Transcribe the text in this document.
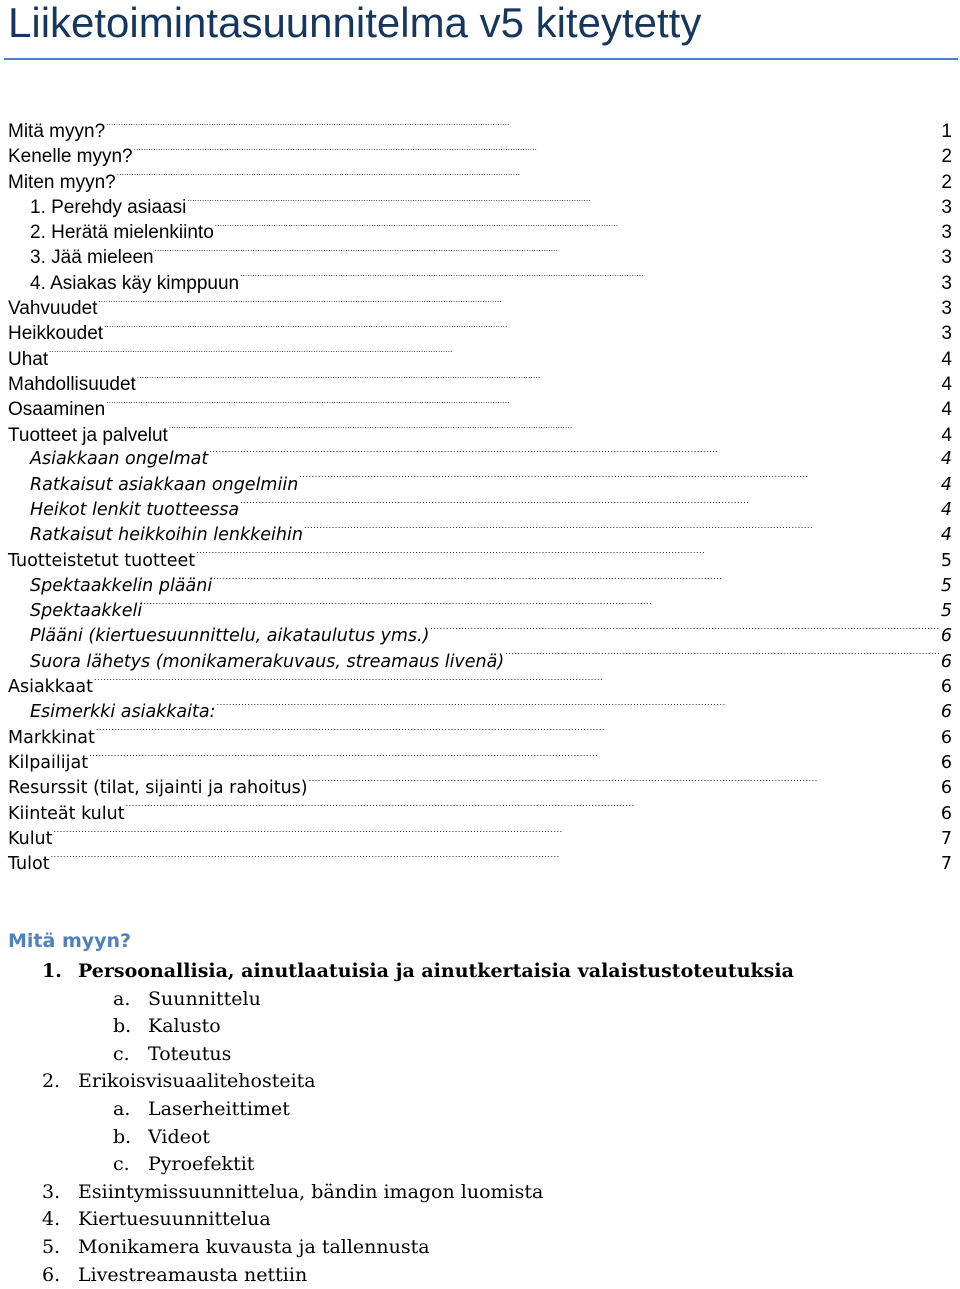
Liiketoimintasuunnitelma v5 kiteytetty
Mitä myyn? . . .	1
Kenelle myyn? . . .	2
Miten myyn? . . .	2
1. Perehdy asiaasi . . .	3
2. Herätä mielenkiinto . . .	3
3. Jää mieleen . . .	3
4. Asiakas käy kimppuun . . .	3
Vahvuudet . . .	3
Heikkoudet . . .	3
Uhat . . .	4
Mahdollisuudet . . .	4
Osaaminen . . .	4
Tuotteet ja palvelut . . .	4
Asiakkaan ongelmat . . .	4
Ratkaisut asiakkaan ongelmiin . . .	4
Heikot lenkit tuotteessa . . .	4
Ratkaisut heikkoihin lenkkeihin . . .	4
Tuotteistetut tuotteet . . .	5
Spektaakkelin plääni . . .	5
Spektaakkeli . . .	5
Plääni (kiertuesuunnittelu, aikataulutus yms.) . . .	6
Suora lähetys (monikamerakuvaus, streamaus livenä) . . .	6
Asiakkaat . . .	6
Esimerkki asiakkaita: . . .	6
Markkinat . . .	6
Kilpailijat . . .	6
Resurssit (tilat, sijainti ja rahoitus) . . .	6
Kiinteät kulut . . .	6
Kulut . . .	7
Tulot . . .	7
Mitä myyn?
1. Persoonallisia, ainutlaatuisia ja ainutkertaisia valaistustoteutuksia
a. Suunnittelu
b. Kalusto
c. Toteutus
2. Erikoisvisuaalitehosteita
a. Laserheittimet
b. Videot
c. Pyroefektit
3. Esiintymissuunnittelua, bändin imagon luomista
4. Kiertuesuunnittelua
5. Monikamera kuvausta ja tallennusta
6. Livestreamausta nettiin
